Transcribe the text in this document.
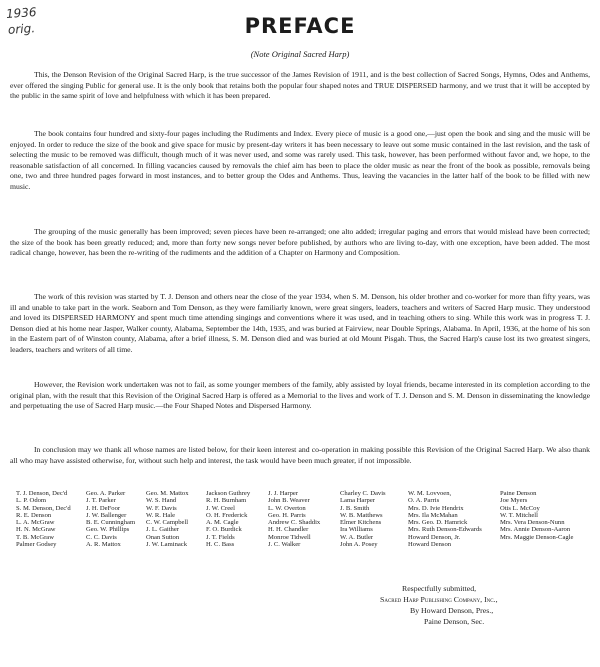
1936
orig.	PREFACE
(Note Original Sacred Harp)

This, the Denson Revision of the Original Sacred Harp, is the true successor of the James Revision of 1911, and is the best collection of Sacred Songs, Hymns, Odes and Anthems, ever offered the singing Public for general use. It is the only book that retains both the popular four shaped notes and TRUE DISPERSED harmony, and we trust that it will be accepted by the public in the same spirit of love and helpfulness with which it has been prepared.

The book contains four hundred and sixty-four pages including the Rudiments and Index. Every piece of music is a good one,—just open the book and sing and the music will be enjoyed. In order to reduce the size of the book and give space for music by present-day writers it has been necessary to leave out some music contained in the last revision, and the task of selecting the music to be removed was difficult, though much of it was never used, and some was rarely used. This task, however, has been performed without favor and, we hope, to the reasonable satisfaction of all concerned. In filling vacancies caused by removals the chief aim has been to place the older music as near the front of the book as possible, removals being one, two and three hundred pages forward in most instances, and to better group the Odes and Anthems. Thus, leaving the vacancies in the latter half of the book to be filled with new music.

The grouping of the music generally has been improved; seven pieces have been re-arranged; one alto added; irregular paging and errors that would mislead have been corrected; the size of the book has been greatly reduced; and, more than forty new songs never before published, by authors who are living to-day, with one exception, have been added. The most radical change, however, has been the re-writing of the rudiments and the addition of a Chapter on Harmony and Composition.

The work of this revision was started by T. J. Denson and others near the close of the year 1934, when S. M. Denson, his older brother and co-worker for more than fifty years, was ill and unable to take part in the work. Seaborn and Tom Denson, as they were familiarly known, were great singers, leaders, teachers and writers of Sacred Harp music. They understood and loved its DISPERSED HARMONY and spent much time attending singings and conventions where it was used, and in teaching others to sing. While this work was in progress T. J. Denson died at his home near Jasper, Walker county, Alabama, September the 14th, 1935, and was buried at Fairview, near Double Springs, Alabama. In April, 1936, at the home of his son in the Eastern part of of Winston county, Alabama, after a brief illness, S. M. Denson died and was buried at old Mount Pisgah. Thus, the Sacred Harp's cause lost its two greatest singers, leaders, teachers and writers of all time.

However, the Revision work undertaken was not to fail, as some younger members of the family, ably assisted by loyal friends, became interested in its completion according to the original plan, with the result that this Revision of the Original Sacred Harp is offered as a Memorial to the lives and work of T. J. Denson and S. M. Denson in disseminating the knowledge and perpetuating the use of Sacred Harp music.—the Four Shaped Notes and Dispersed Harmony.

In conclusion may we thank all whose names are listed below, for their keen interest and co-operation in making possible this Revision of the Original Sacred Harp. We also thank all who may have assisted otherwise, for, without such help and interest, the task would have been much greater, if not impossible.

T. J. Denson, Dec'd
L. P. Odom
S. M. Denson, Dec'd
R. E. Denson
L. A. McGraw
H. N. McGraw
T. B. McGraw
Palmer Godsey
Geo. A. Parker
J. T. Parker
J. H. DeFoor
J. W. Ballenger
B. E. Cunningham
Geo. W. Phillips
C. C. Davis
A. R. Mattox
Geo. M. Mattox
W. S. Hand
W. F. Davis
W. R. Hale
C. W. Campbell
J. L. Gaither
Onan Sutton
J. W. Laminack
Jackson Guthrey
R. H. Burnham
J. W. Creel
O. H. Frederick
A. M. Cagle
F. O. Burdick
J. T. Fields
H. C. Bass
J. J. Harper
John B. Weaver
L. W. Overton
Geo. H. Parris
Andrew C. Shaddix
H. H. Chandler
Monroe Tidwell
J. C. Walker
Charley C. Davis
Lama Harper
J. B. Smith
W. B. Matthews
Elmer Kitchens
Ira Williams
W. A. Butler
John A. Posey
W. M. Lovvoen,
O. A. Parris
Mrs. D. Ivie Hendrix
Mrs. Ila McMahan
Mrs. Geo. D. Hamrick
Mrs. Ruth Denson-Edwards
Howard Denson, Jr.
Howard Denson
Paine Denson
Joe Myers
Otis L. McCoy
W. T. Mitchell
Mrs. Vera Denson-Nunn
Mrs. Annie Denson-Aaron
Mrs. Maggie Denson-Cagle
Respectfully submitted,
Sacred Harp Publishing Company, Inc.,
By Howard Denson, Pres.,
Paine Denson, Sec.
